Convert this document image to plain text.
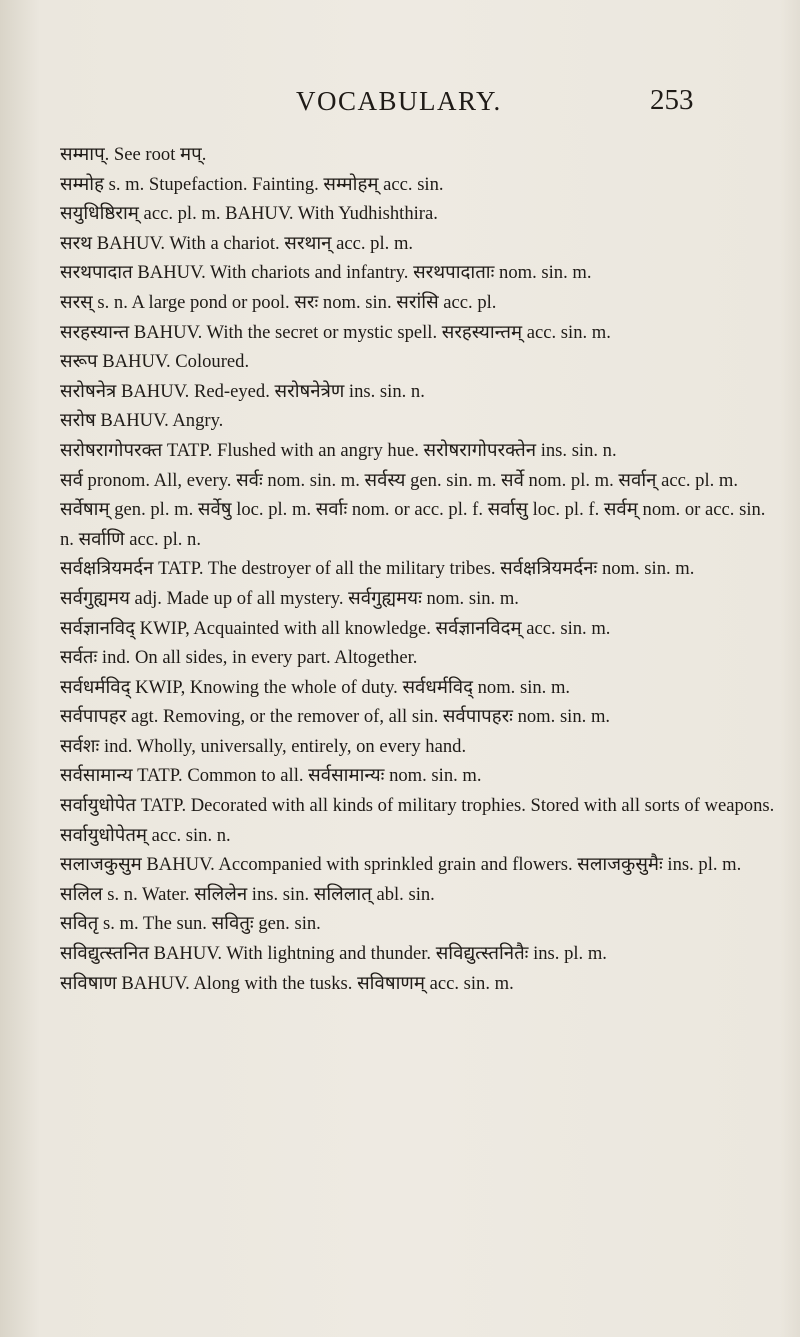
VOCABULARY.	253

सम्माप्. See root मप्.

सम्मोह s. m. Stupefaction. Fainting. सम्मोहम् acc. sin.

सयुधिष्ठिराम् acc. pl. m. BAHUV. With Yudhishthira.

सरथ BAHUV. With a chariot. सरथान् acc. pl. m.

सरथपादात BAHUV. With chariots and infantry. सरथपादाताः nom. sin. m.

सरस् s. n. A large pond or pool. सरः nom. sin. सरांसि acc. pl.

सरहस्यान्त BAHUV. With the secret or mystic spell. सरहस्यान्तम् acc. sin. m.

सरूप BAHUV. Coloured.

सरोषनेत्र BAHUV. Red-eyed. सरोषनेत्रेण ins. sin. n.

सरोष BAHUV. Angry.

सरोषरागोपरक्त TATP. Flushed with an angry hue. सरोषरागोपरक्तेन ins. sin. n.

सर्व pronom. All, every. सर्वः nom. sin. m. सर्वस्य gen. sin. m. सर्वे nom. pl. m. सर्वान् acc. pl. m. सर्वेषाम् gen. pl. m. सर्वेषु loc. pl. m. सर्वाः nom. or acc. pl. f. सर्वासु loc. pl. f. सर्वम् nom. or acc. sin. n. सर्वाणि acc. pl. n.

सर्वक्षत्रियमर्दन TATP. The destroyer of all the military tribes. सर्वक्षत्रियमर्दनः nom. sin. m.

सर्वगुह्यमय adj. Made up of all mystery. सर्वगुह्यमयः nom. sin. m.

सर्वज्ञानविद् KWIP, Acquainted with all knowledge. सर्वज्ञानविदम् acc. sin. m.

सर्वतः ind. On all sides, in every part. Altogether.

सर्वधर्मविद् KWIP, Knowing the whole of duty. सर्वधर्मविद् nom. sin. m.

सर्वपापहर agt. Removing, or the remover of, all sin. सर्वपापहरः nom. sin. m.

सर्वशः ind. Wholly, universally, entirely, on every hand.

सर्वसामान्य TATP. Common to all. सर्वसामान्यः nom. sin. m.

सर्वायुधोपेत TATP. Decorated with all kinds of military trophies. Stored with all sorts of weapons. सर्वायुधोपेतम् acc. sin. n.

सलाजकुसुम BAHUV. Accompanied with sprinkled grain and flowers. सलाजकुसुमैः ins. pl. m.

सलिल s. n. Water. सलिलेन ins. sin. सलिलात् abl. sin.

सवितृ s. m. The sun. सवितुः gen. sin.

सविद्युत्स्तनित BAHUV. With lightning and thunder. सविद्युत्स्तनितैः ins. pl. m.

सविषाण BAHUV. Along with the tusks. सविषाणम् acc. sin. m.
